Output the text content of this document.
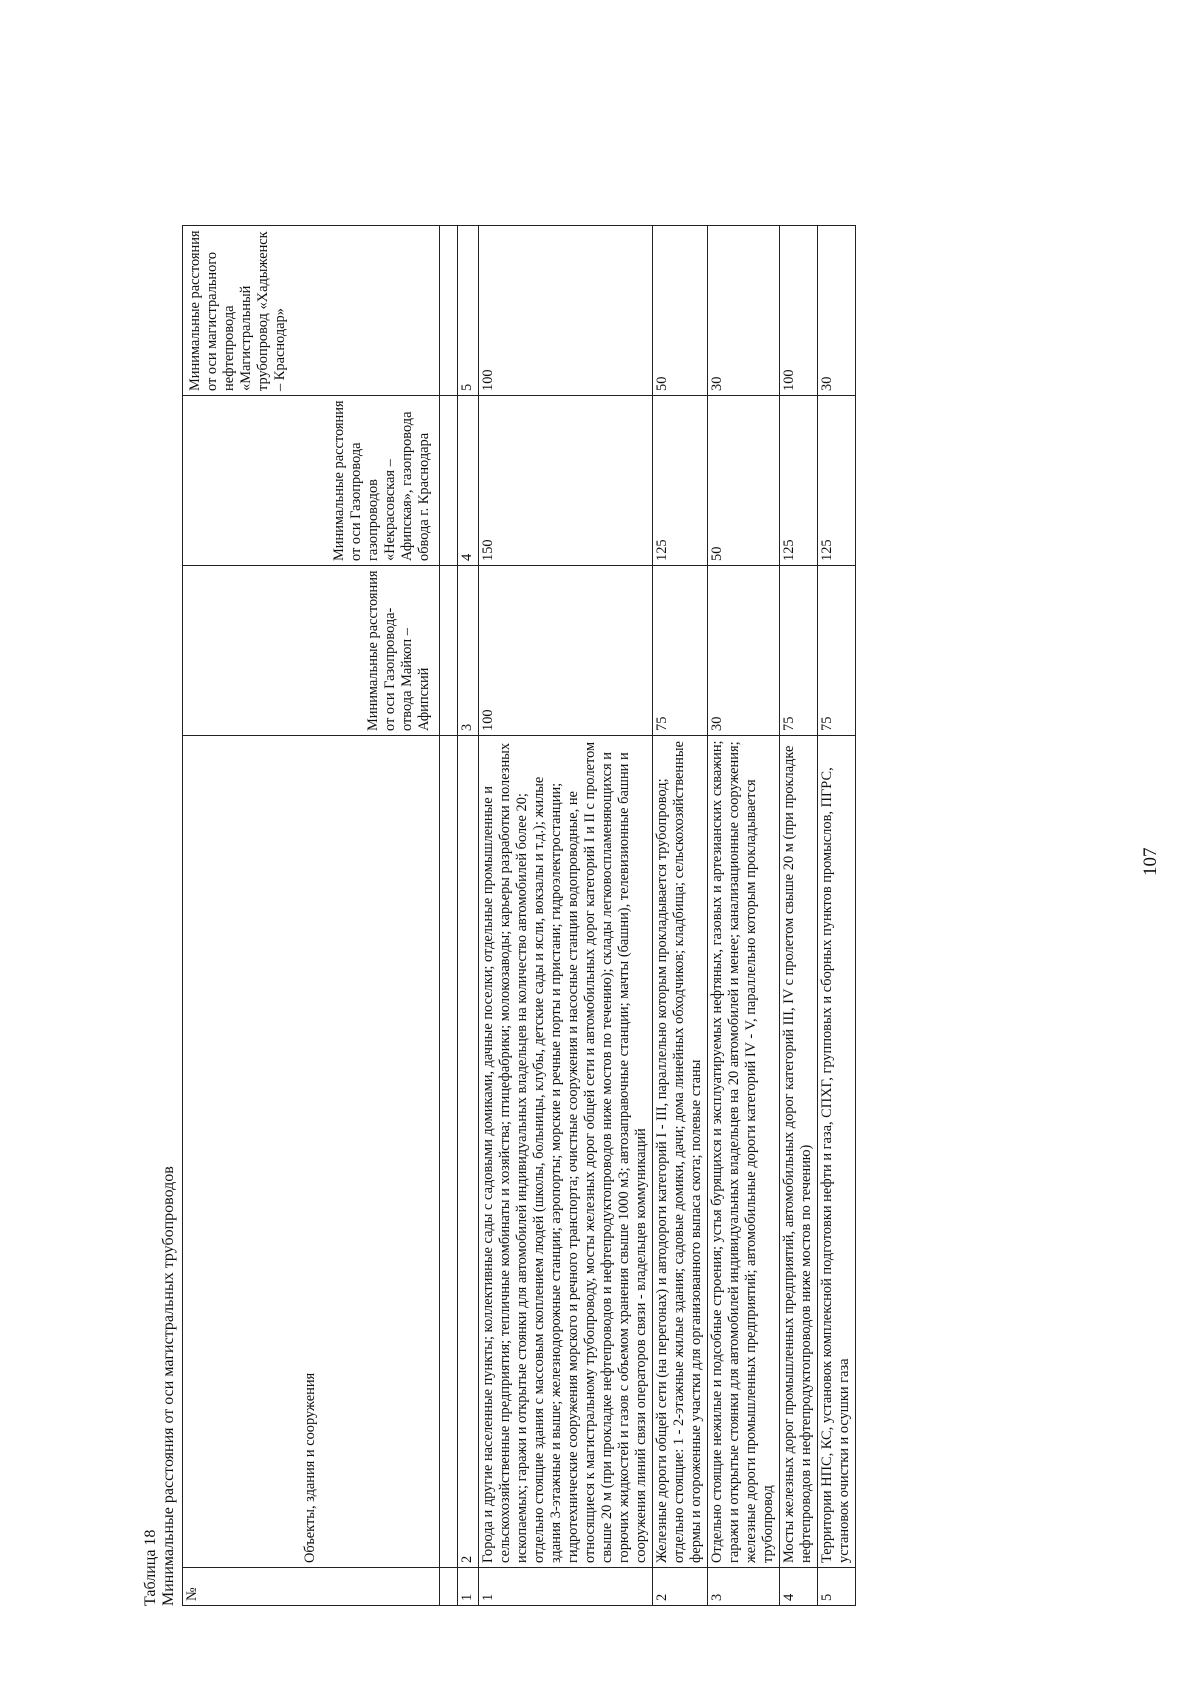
107
Таблица 18 Минимальные расстояния от оси магистральных трубопроводов №	Объекты, здания и сооружения	Минимальные расстояния от оси Газопровода-отвода Майкоп – Афипский	Минимальные расстояния от оси Газопровода газопроводов «Некрасовская – Афипская», газопровода обвода г. Краснодара	Минимальные расстояния от оси магистрального нефтепровода «Магистральный трубопровод «Хадыженск – Краснодар»

1	2	3	4	5
1	Города и другие населенные пункты; коллективные сады с садовыми домиками, дачные поселки; отдельные промышленные и сельскохозяйственные предприятия; тепличные комбинаты и хозяйства; птицефабрики; молокозаводы; карьеры разработки полезных ископаемых; гаражи и открытые стоянки для автомобилей индивидуальных владельцев на количество автомобилей более 20; отдельно стоящие здания с массовым скоплением людей (школы, больницы, клубы, детские сады и ясли, вокзалы и т.д.); жилые здания 3-этажные и выше; железнодорожные станции; аэропорты; морские и речные порты и пристани; гидроэлектростанции; гидротехнические сооружения морского и речного транспорта; очистные сооружения и насосные станции водопроводные, не относящиеся к магистральному трубопроводу, мосты железных дорог общей сети и автомобильных дорог категорий I и II с пролетом свыше 20 м (при прокладке нефтепроводов и нефтепродуктопроводов ниже мостов по течению); склады легковоспламеняющихся и горючих жидкостей и газов с объемом хранения свыше 1000 м3; автозаправочные станции; мачты (башни), телевизионные башни и сооружения линий связи операторов связи - владельцев коммуникаций	100	150	100
2	Железные дороги общей сети (на перегонах) и автодороги категорий I - III, параллельно которым прокладывается трубопровод; отдельно стоящие: 1 - 2-этажные жилые здания; садовые домики, дачи; дома линейных обходчиков; кладбища; сельскохозяйственные фермы и огороженные участки для организованного выпаса скота; полевые станы	75	125	50
3	Отдельно стоящие нежилые и подсобные строения; устья бурящихся и эксплуатируемых нефтяных, газовых и артезианских скважин; гаражи и открытые стоянки для автомобилей индивидуальных владельцев на 20 автомобилей и менее; канализационные сооружения; железные дороги промышленных предприятий; автомобильные дороги категорий IV - V, параллельно которым прокладывается трубопровод	30	50	30
4	Мосты железных дорог промышленных предприятий, автомобильных дорог категорий III, IV с пролетом свыше 20 м (при прокладке нефтепроводов и нефтепродуктопроводов ниже мостов по течению)	75	125	100
5	Территории НПС, КС, установок комплексной подготовки нефти и газа, СПХГ, групповых и сборных пунктов промыслов, ПГРС, установок очистки и осушки газа	75	125	30
